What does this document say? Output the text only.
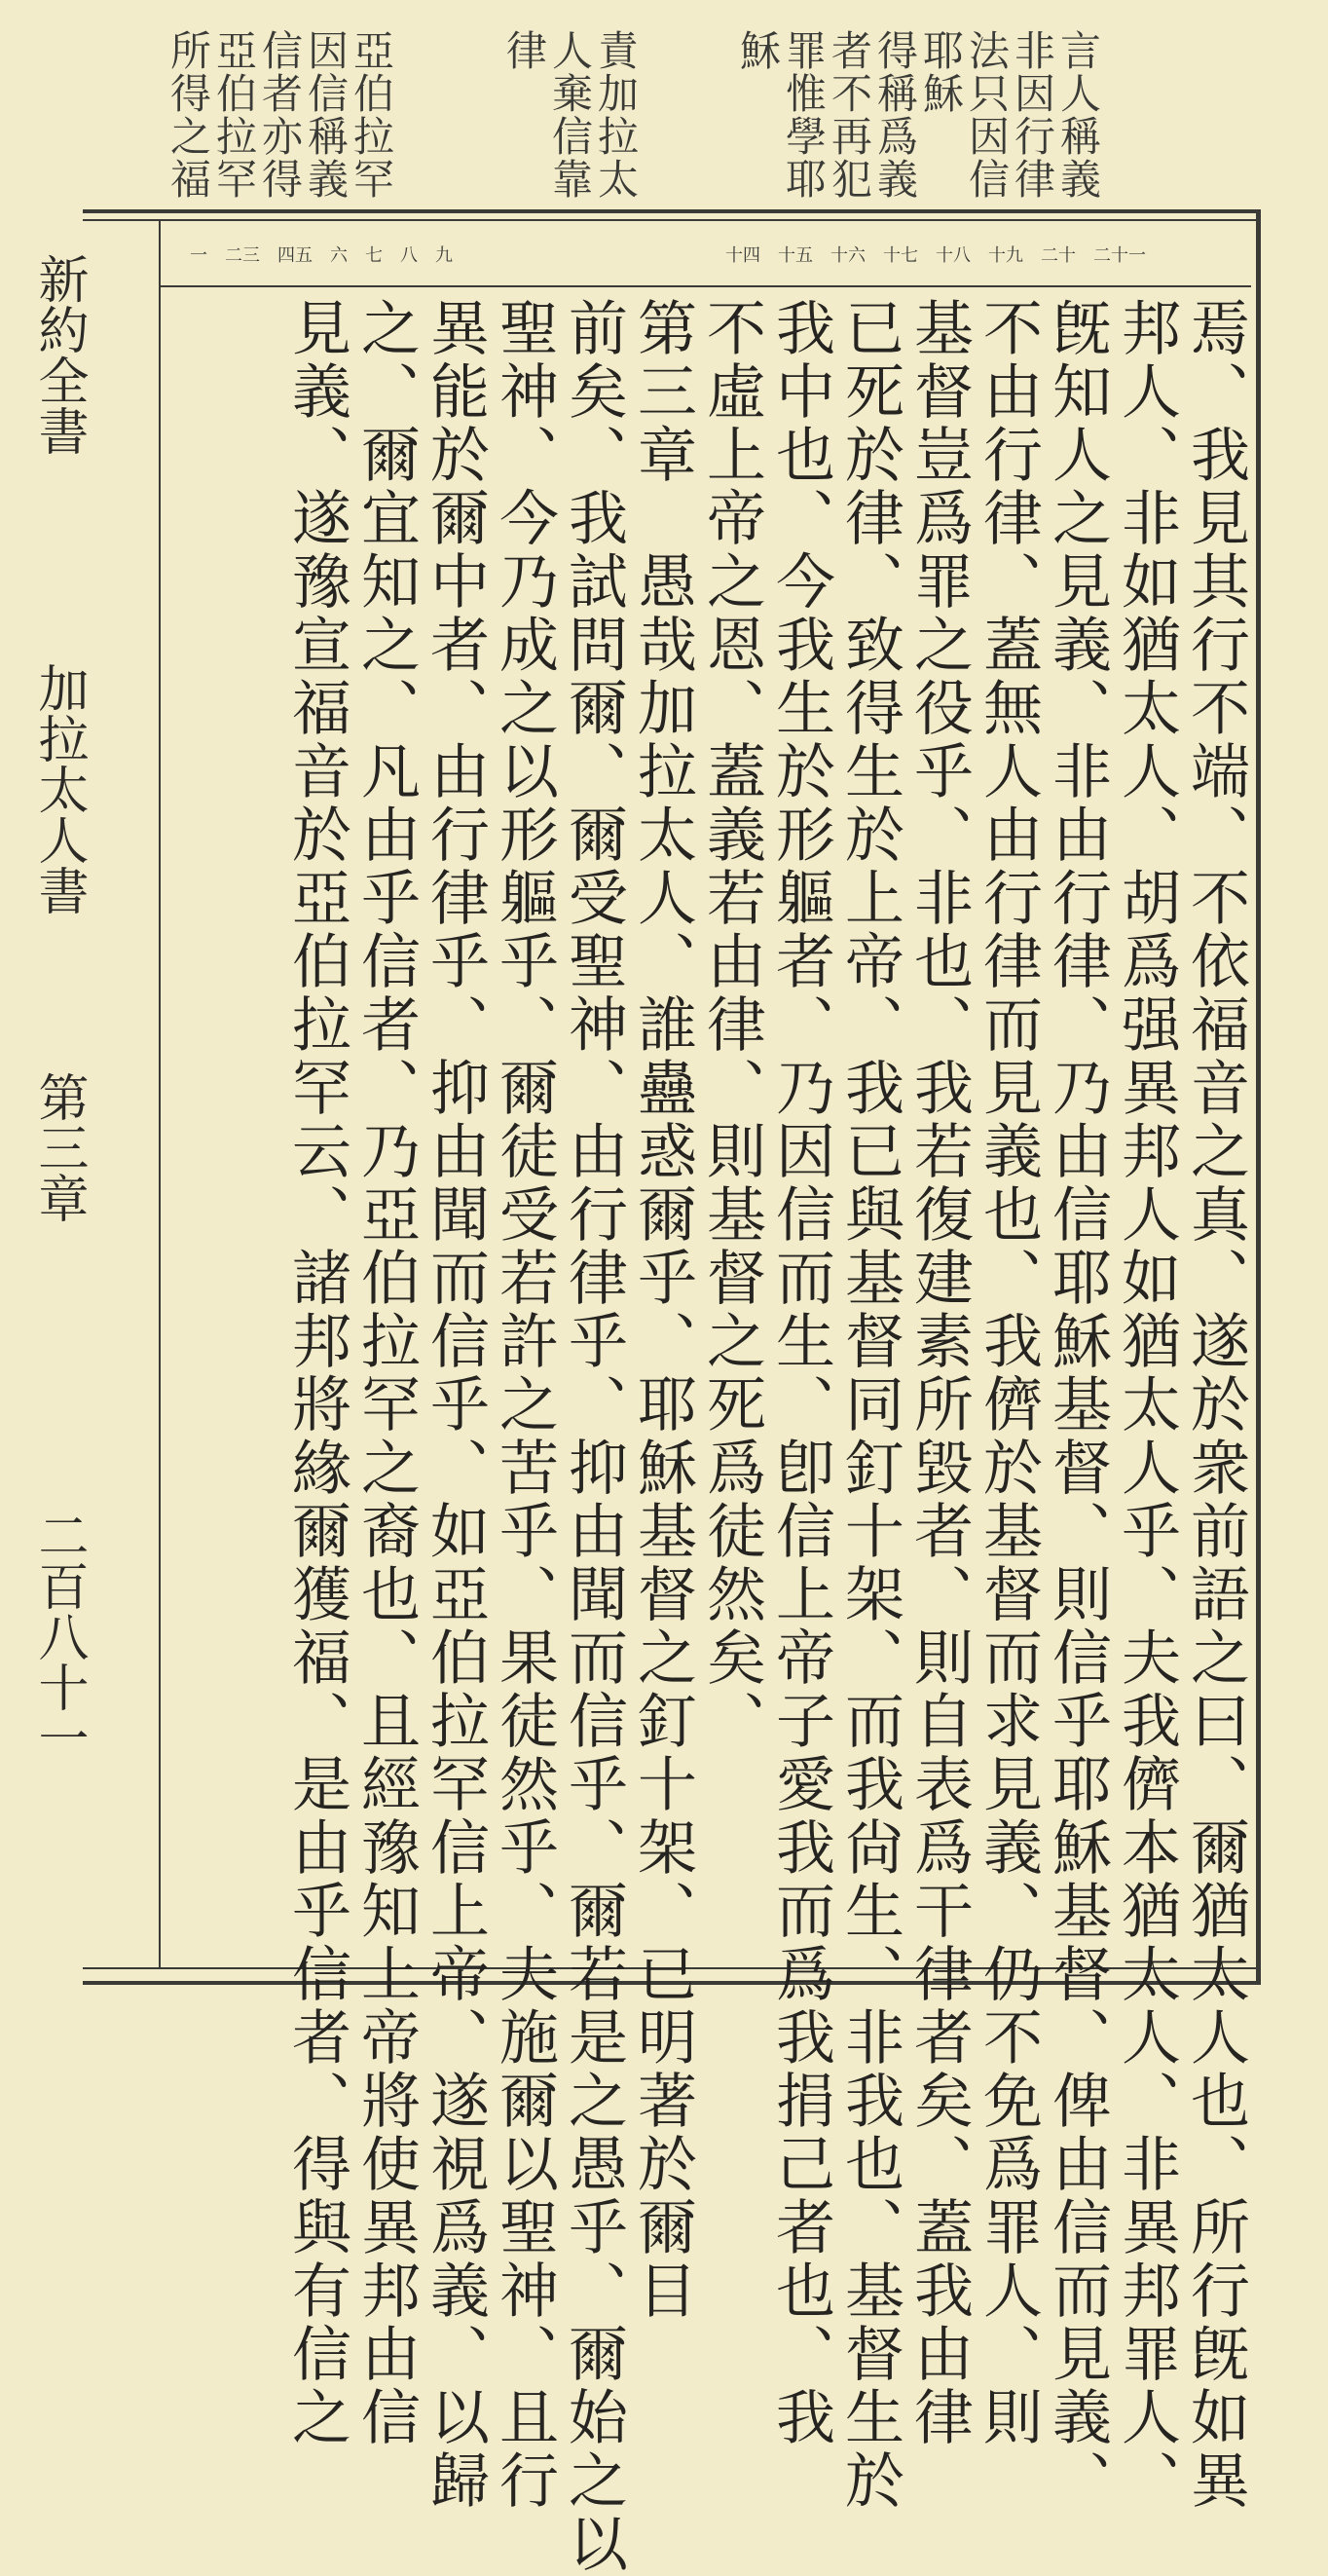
言人稱義
非因行律
法只因信
耶穌
得稱爲義
者不再犯
罪惟學耶
穌
責加拉太
人棄信靠
律
亞伯拉罕
因信稱義
信者亦得
亞伯拉罕
所得之福
十四　十五　十六　十七　十八　十九　二十　二十一
一　二三　四五　六　七　八　九
新約全書
加拉太人書
第三章
二百八十一	焉、我見其行不端、不依福音之真、遂於衆前語之曰、爾猶太人也、所行旣如異
邦人、非如猶太人、胡爲强異邦人如猶太人乎、夫我儕本猶太人、非異邦罪人、
旣知人之見義、非由行律、乃由信耶穌基督、則信乎耶穌基督、俾由信而見義、
不由行律、蓋無人由行律而見義也、我儕於基督而求見義、仍不免爲罪人、則
基督豈爲罪之役乎、非也、我若復建素所毀者、則自表爲干律者矣、蓋我由律
已死於律、致得生於上帝、我已與基督同釘十架、而我尙生、非我也、基督生於
我中也、今我生於形軀者、乃因信而生、卽信上帝子愛我而爲我捐己者也、我
不虛上帝之恩、蓋義若由律、則基督之死爲徒然矣、
第三章　愚哉加拉太人、誰蠱惑爾乎、耶穌基督之釘十架、已明著於爾目
前矣、我試問爾、爾受聖神、由行律乎、抑由聞而信乎、爾若是之愚乎、爾始之以
聖神、今乃成之以形軀乎、爾徒受若許之苦乎、果徒然乎、夫施爾以聖神、且行
異能於爾中者、由行律乎、抑由聞而信乎、如亞伯拉罕信上帝、遂視爲義、以歸
之、爾宜知之、凡由乎信者、乃亞伯拉罕之裔也、且經豫知上帝將使異邦由信
見義、遂豫宣福音於亞伯拉罕云、諸邦將緣爾獲福、是由乎信者、得與有信之
